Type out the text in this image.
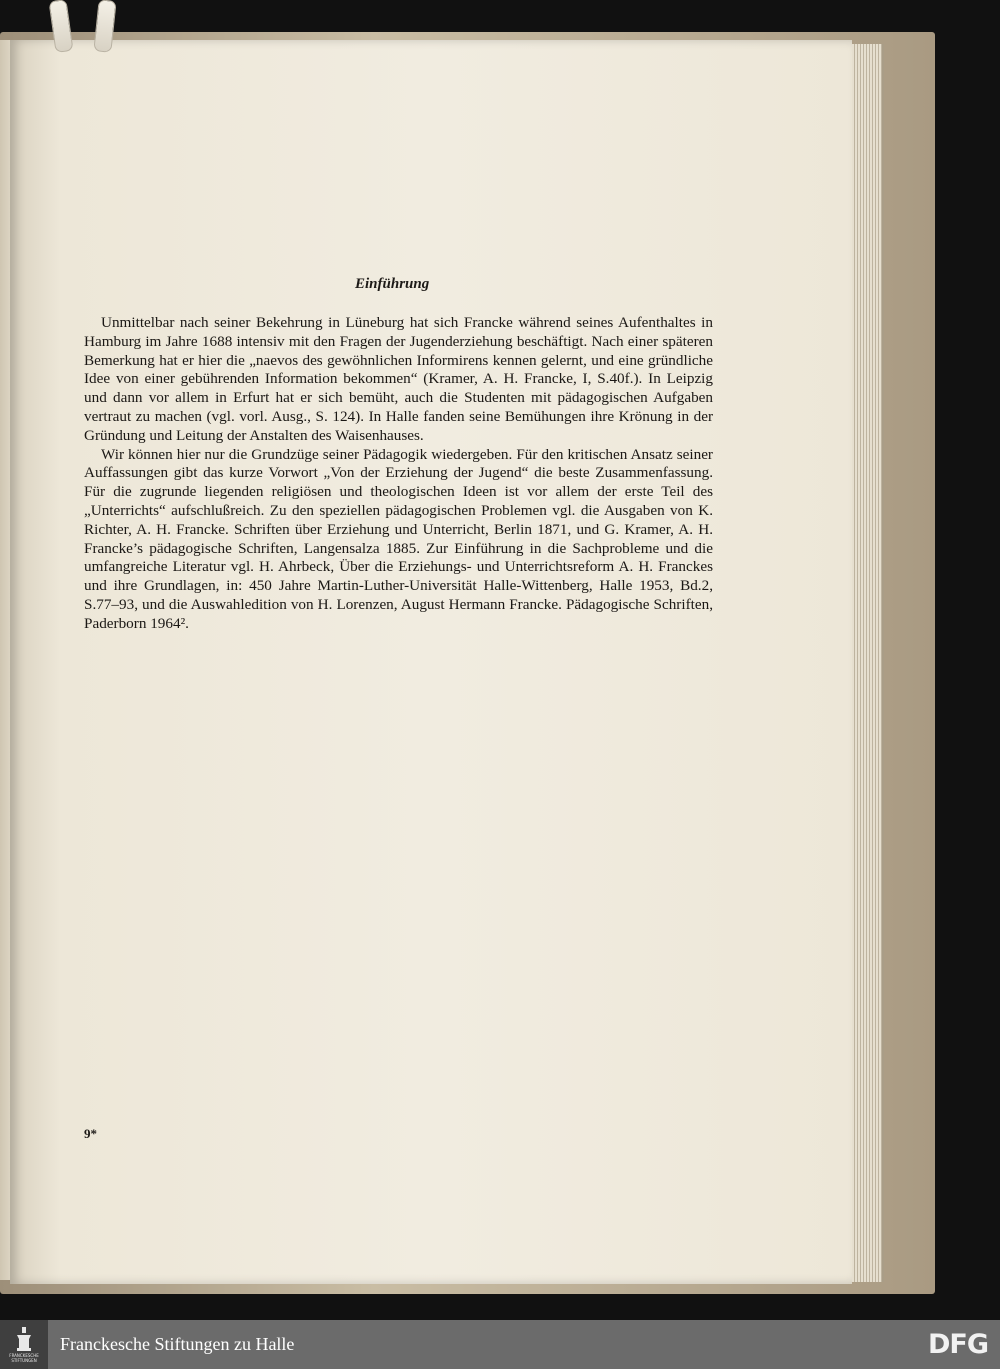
Einführung

Unmittelbar nach seiner Bekehrung in Lüneburg hat sich Francke während seines Aufenthaltes in Hamburg im Jahre 1688 intensiv mit den Fragen der Jugenderziehung beschäftigt. Nach einer späteren Bemerkung hat er hier die „naevos des gewöhnlichen Informirens kennen gelernt, und eine gründliche Idee von einer gebührenden Information bekommen“ (Kramer, A. H. Francke, I, S.40f.). In Leipzig und dann vor allem in Erfurt hat er sich bemüht, auch die Studenten mit pädagogischen Aufgaben vertraut zu machen (vgl. vorl. Ausg., S. 124). In Halle fanden seine Bemühungen ihre Krönung in der Gründung und Leitung der Anstalten des Waisenhauses.

Wir können hier nur die Grundzüge seiner Pädagogik wiedergeben. Für den kritischen Ansatz seiner Auffassungen gibt das kurze Vorwort „Von der Erziehung der Jugend“ die beste Zusammenfassung. Für die zugrunde liegenden religiösen und theologischen Ideen ist vor allem der erste Teil des „Unterrichts“ aufschlußreich. Zu den speziellen pädagogischen Problemen vgl. die Ausgaben von K. Richter, A. H. Francke. Schriften über Erziehung und Unterricht, Berlin 1871, und G. Kramer, A. H. Francke’s pädagogische Schriften, Langensalza 1885. Zur Einführung in die Sachprobleme und die umfangreiche Literatur vgl. H. Ahrbeck, Über die Erziehungs- und Unterrichtsreform A. H. Franckes und ihre Grundlagen, in: 450 Jahre Martin-Luther-Universität Halle-Wittenberg, Halle 1953, Bd.2, S.77–93, und die Auswahledition von H. Lorenzen, August Hermann Francke. Pädagogische Schriften, Paderborn 1964².

9*
FRANCKESCHE STIFTUNGEN
Franckesche Stiftungen zu Halle	DFG
